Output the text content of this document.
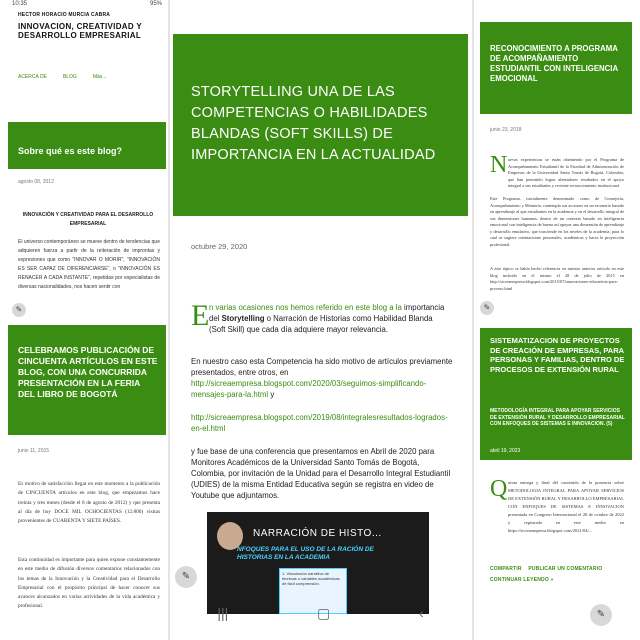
10:35	95%
HECTOR HORACIO MURCIA CABRA
INNOVACION, CREATIVIDAD Y DESARROLLO EMPRESARIAL
ACERCA DE	BLOG	Más...
Sobre qué es este blog?
agosto 08, 2012
INNOVACIÓN Y CREATIVIDAD PARA EL DESARROLLO EMPRESARIAL
El universo contemporáneo se mueve dentro de tendencias que adquieren fuerza a partir de la reiteración de improntas y expresiones que como "INNOVAR O MORIR", "INNOVACIÓN ES SER CAPAZ DE DIFERENCIARSE", o "INNOVACIÓN ES RENACER A CADA INSTANTE", repetidas por especialistas de diversas nacionalidades, nos hacen sentir con
✎
CELEBRAMOS PUBLICACIÓN DE CINCUENTA ARTÍCULOS EN ESTE BLOG, CON UNA CONCURRIDA PRESENTACIÓN EN LA FERIA DEL LIBRO DE BOGOTÁ
junio 11, 2015
Es motivo de satisfacción llegar en este momento a la publicación de CINCUENTA artículos en este blog, que empezamos hace treinta y tres meses (desde el 8 de agosto de 2012) y que presenta al día de hoy DOCE MIL OCHOCIENTAS (12.800) visitas provenientes de CUARENTA Y SIETE PAÍSES.
Esta continuidad es importante para quien expone constantemente en este medio de difusión diversos comentarios relacionados con los temas de la Innovación y la Creatividad para el Desarrollo Empresarial con el propósito principal de hacer conocer sus avances alcanzados en varias actividades de la vida académica y profesional.
STORYTELLING UNA DE LAS COMPETENCIAS O HABILIDADES BLANDAS (SOFT SKILLS) DE IMPORTANCIA EN LA ACTUALIDAD
octubre 29, 2020
E n varias ocasiones nos hemos referido en este blog a la importancia del Storytelling o Narración de Historias como Habilidad Blanda (Soft Skill) que cada día adquiere mayor relevancia.
En nuestro caso esta Competencia ha sido motivo de artículos previamente presentados, entre otros, en http://sicreaempresa.blogspot.com/2020/03/seguimos-simplificando-mensajes-para-la.html y
http://sicreaempresa.blogspot.com/2019/08/integralesresultados-logrados-en-el.html
y fue base de una conferencia que presentamos en Abril de 2020 para Monitores Académicos de la Universidad Santo Tomás de Bogotá, Colombia, por invitación de la Unidad para el Desarrollo Integral Estudiantil (UDIES) de la misma Entidad Educativa según se registra en video de Youtube que adjuntamos.
NARRACIÓN DE HISTO...
NFOQUES PARA EL USO DE LA RACIÓN DE HISTORIAS EN LA ACADEMIA
1. Vinculación narrativa de técnicas o variables académicas de fácil comprensión.
✎
|||	▢	‹
RECONOCIMIENTO A PROGRAMA DE ACOMPAÑAMIENTO ESTUDIANTIL CON INTELIGENCIA EMOCIONAL
junio 23, 2018
N uevas experiencias se están obteniendo por el Programa de Acompañamiento Estudiantil de la Facultad de Administración de Empresas de la Universidad Santo Tomás de Bogotá, Colombia, que han permitido lograr alentadores resultados en el apoyo integral a sus estudiantes y reciente reconocimiento institucional.
Este Programa, inicialmente denominado como de Consejería, Acompañamiento y Mentoría, contempla sus acciones en un escenario basado en aprendizaje al que estudiantes en la academia y en el desarrollo integral de sus dimensiones humanas, dentro de un contexto basado en inteligencia emocional con inteligencia de buena así apoyar una dimensión de aprendizaje y desarrollo emulativo, que trasciende en los niveles de la academia, para lo cual se sugiere orientaciones personales, académicas y hacia la proyección profesional.
A este tópico se había hecho referencia en nuestro anterior artículo en este blog incluido en el mismo el 28 de julio de 2015 en http://sicreaempresa.blogspot.com/2015/07/innovaciones-educativas-para-proceso.html
✎
SISTEMATIZACION DE PROYECTOS DE CREACIÓN DE EMPRESAS, PARA PERSONAS Y FAMILIAS, DENTRO DE PROCESOS DE EXTENSIÓN RURAL
METODOLOGÍA INTEGRAL PARA APOYAR SERVICIOS DE EXTENSIÓN RURAL Y DESARROLLO EMPRESARIAL CON ENFOQUES DE SISTEMAS E INNOVACION. (5)
abril 19, 2023
Q uinta entrega y final del contenido de la ponencia sobre METODOLOGIA INTEGRAL PARA APOYAR SERVICIOS DE EXTENSIÓN RURAL Y DESARROLLO EMPRESARIAL CON ENFOQUES DE SISTEMAS E INNOVACION presentada en Congreso Internacional el 28 de octubre de 2022 y registrada en este medio en https://sicreaempresa.blogspot.com/2021/04/...
COMPARTIR PUBLICAR UN COMENTARIO
CONTINUAR LEYENDO »
✎
